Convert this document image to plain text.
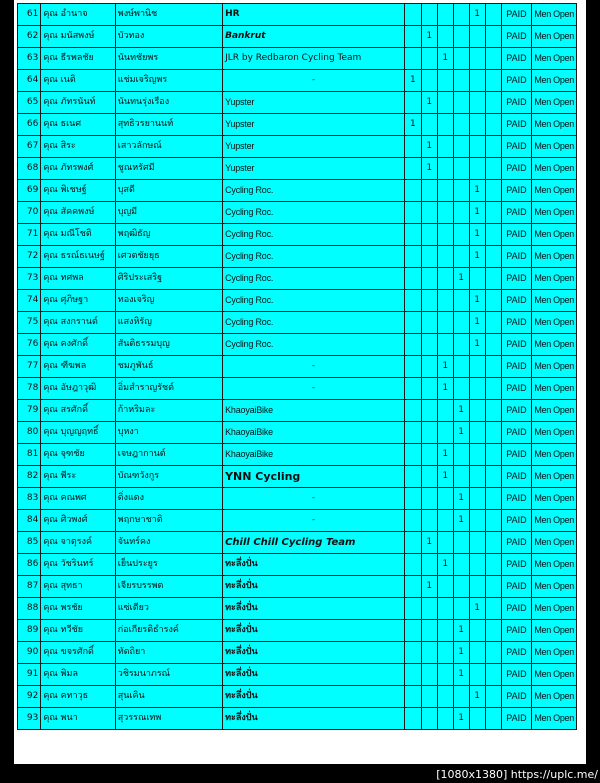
61	คุณ อำนาจ	พงษ์พานิช	HR					1		PAID	Men Open
62	คุณ มนัสพงษ์	บัวทอง	Bankrut		1					PAID	Men Open
63	คุณ ธีรพลชัย	นันทชัยพร	JLR by Redbaron Cycling Team			1				PAID	Men Open
64	คุณ เนติ	แช่มเจริญพร	-	1						PAID	Men Open
65	คุณ ภัทรนันท์	นันทนรุ่งเรือง	Yupster		1					PAID	Men Open
66	คุณ ธเนศ	สุทธิวรยานนท์	Yupster	1						PAID	Men Open
67	คุณ สิระ	เสาวลักษณ์	Yupster		1					PAID	Men Open
68	คุณ ภัทรพงศ์	ชูณหรัศมี	Yupster		1					PAID	Men Open
69	คุณ พิเชษฐ์	บุสดี	Cycling Roc.					1		PAID	Men Open
70	คุณ สัคคพงษ์	บุญมี	Cycling Roc.					1		PAID	Men Open
71	คุณ มณีโชติ	พฤฒิธัญ	Cycling Roc.					1		PAID	Men Open
72	คุณ ธรณ์ธเนษฐ์	เศวตชัยยุธ	Cycling Roc.					1		PAID	Men Open
73	คุณ ทศพล	ศิริประเสริฐ	Cycling Roc.				1			PAID	Men Open
74	คุณ ศุภิษฐา	ทองเจริญ	Cycling Roc.					1		PAID	Men Open
75	คุณ สงกรานต์	แสงหิรัญ	Cycling Roc.					1		PAID	Men Open
76	คุณ คงศักดิ์	สันติธรรมบุญ	Cycling Roc.					1		PAID	Men Open
77	คุณ ฑีฆพล	ชมภูพันธ์	-			1				PAID	Men Open
78	คุณ อัษฎาวุฒิ	อิ่มสำราญรัชต์	-			1				PAID	Men Open
79	คุณ สรศักดิ์	ก้าหริมละ	KhaoyaiBike				1			PAID	Men Open
80	คุณ บุญญฤทธิ์	บุหงา	KhaoyaiBike				1			PAID	Men Open
81	คุณ จุฑชัย	เจษฎากานต์	KhaoyaiBike			1				PAID	Men Open
82	คุณ พีระ	บัณฑวังกูร	YNN Cycling			1				PAID	Men Open
83	คุณ คณพศ	ดิ่งแดง	-				1			PAID	Men Open
84	คุณ ศิวพงศ์	พฤกษาชาติ	-				1			PAID	Men Open
85	คุณ จาตุรงค์	จันทร์คง	Chill Chill Cycling Team		1					PAID	Men Open
86	คุณ วัชรินทร์	เย็นประยูร	ทะลึ่งปั่น			1				PAID	Men Open
87	คุณ สุทธา	เจียรบรรพต	ทะลึ่งปั่น		1					PAID	Men Open
88	คุณ พรชัย	แซ่เตียว	ทะลึ่งปั่น					1		PAID	Men Open
89	คุณ ทวีชัย	ก่อเกียรติธำรงค์	ทะลึ่งปั่น				1			PAID	Men Open
90	คุณ ขจรศักดิ์	ทัดถิยา	ทะลึ่งปั่น				1			PAID	Men Open
91	คุณ พิมล	วชิรมนาภรณ์	ทะลึ่งปั่น				1			PAID	Men Open
92	คุณ คทาวุธ	สุนเคิน	ทะลึ่งปั่น					1		PAID	Men Open
93	คุณ พนา	สุวรรณเทพ	ทะลึ่งปั่น				1			PAID	Men Open
[1080x1380] https://uplc.me/
